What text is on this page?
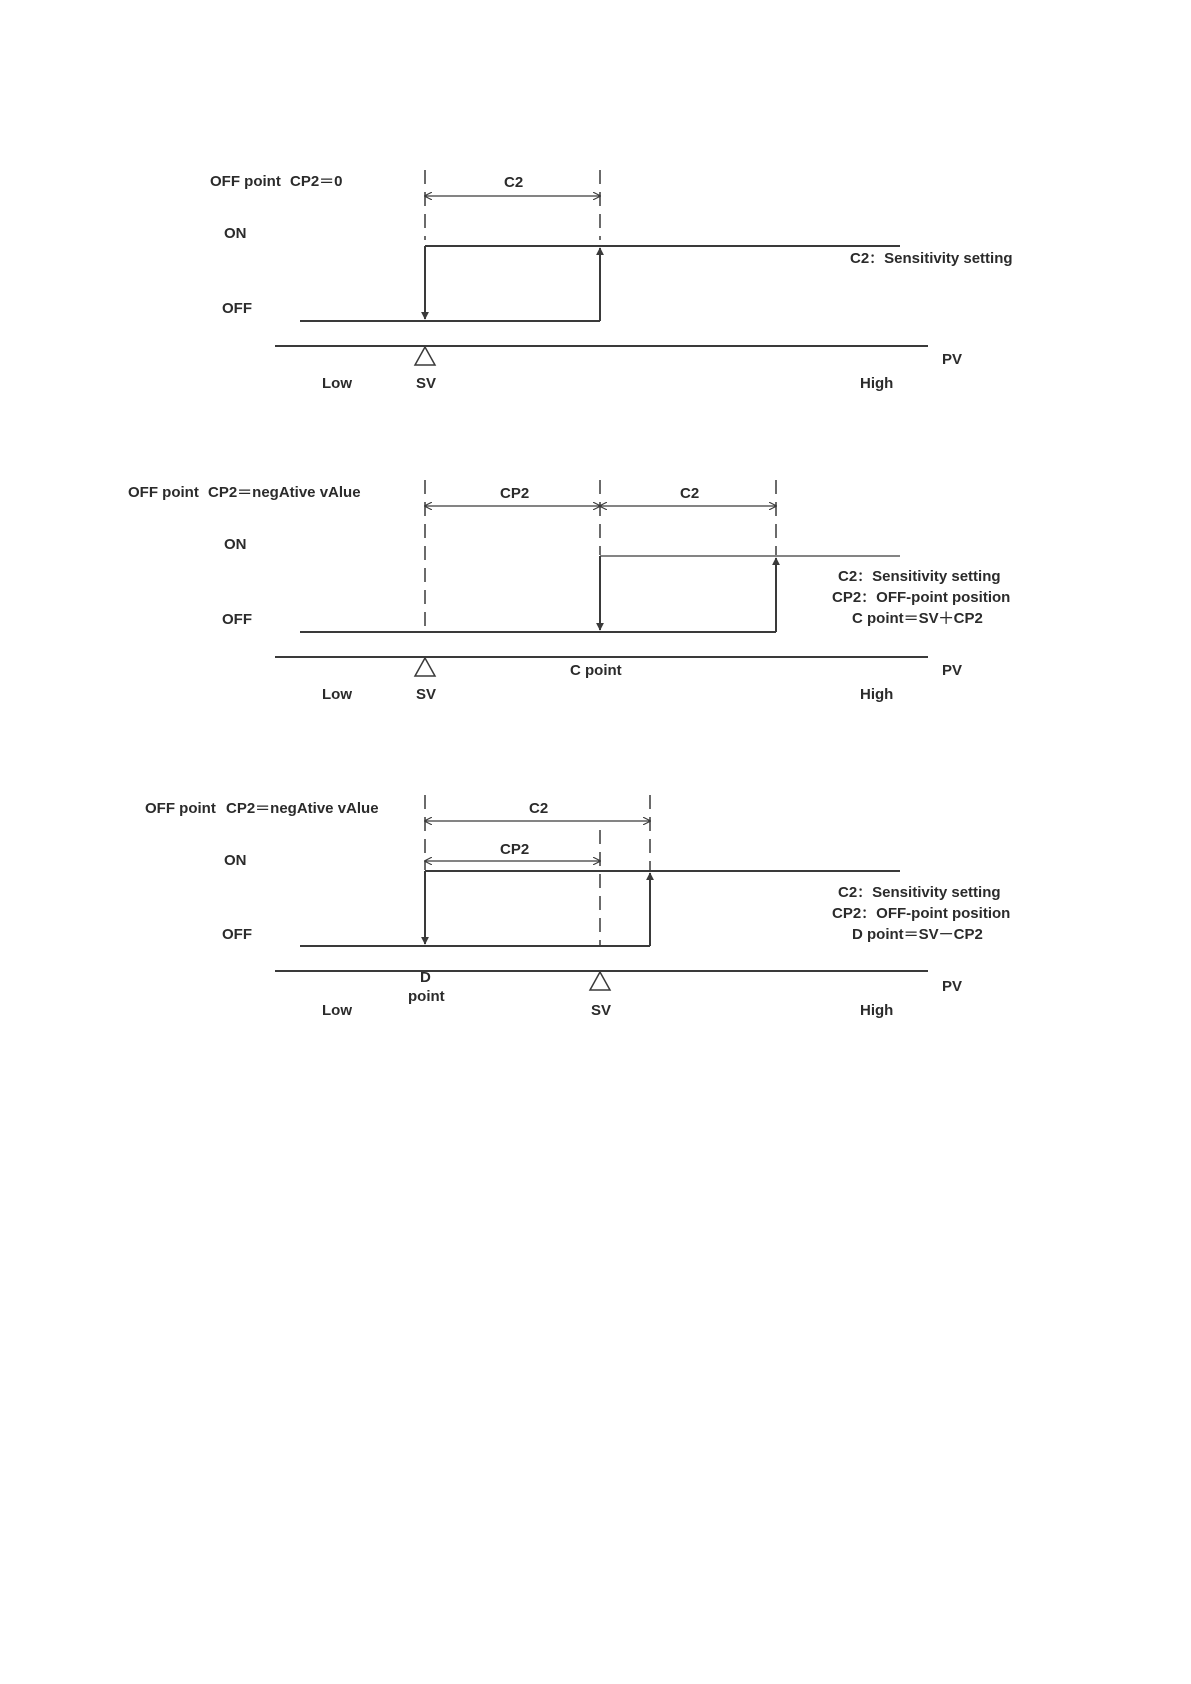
OFF point CP2＝0
ON
OFF
C2
C2：Sensitivity setting
PV
Low	SV	High
OFF point CP2＝negAtive vAlue
ON
OFF
CP2	C2
C2：Sensitivity setting
CP2：OFF-point position
C point＝SV＋CP2
PV
C point
Low	SV	High
OFF point CP2＝negAtive vAlue
ON
OFF
C2
CP2
C2：Sensitivity setting
CP2：OFF-point position
D point＝SV－CP2
PV
D
point
Low	SV	High
